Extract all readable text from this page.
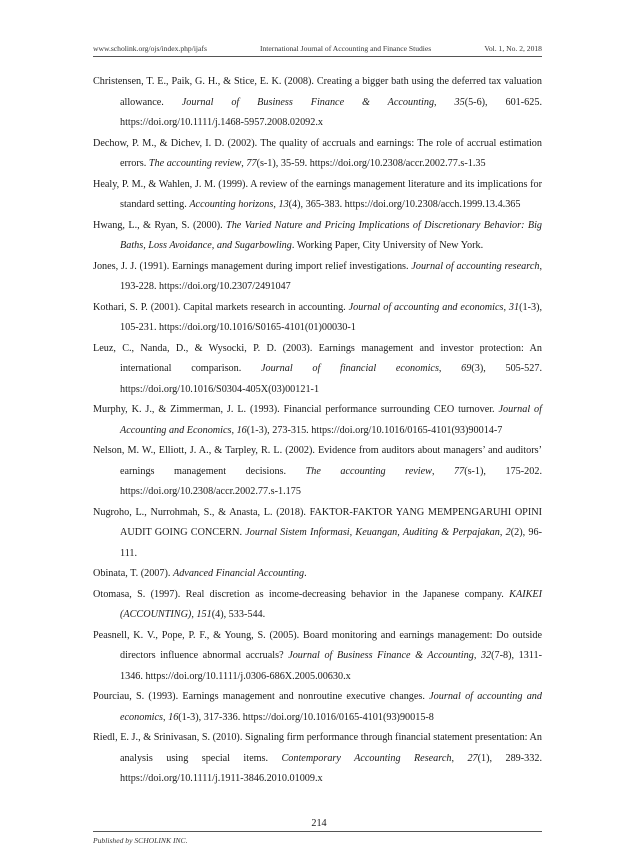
www.scholink.org/ojs/index.php/ijafs	International Journal of Accounting and Finance Studies	Vol. 1, No. 2, 2018

Christensen, T. E., Paik, G. H., & Stice, E. K. (2008). Creating a bigger bath using the deferred tax valuation allowance. Journal of Business Finance & Accounting, 35(5-6), 601-625. https://doi.org/10.1111/j.1468-5957.2008.02092.x

Dechow, P. M., & Dichev, I. D. (2002). The quality of accruals and earnings: The role of accrual estimation errors. The accounting review, 77(s-1), 35-59. https://doi.org/10.2308/accr.2002.77.s-1.35

Healy, P. M., & Wahlen, J. M. (1999). A review of the earnings management literature and its implications for standard setting. Accounting horizons, 13(4), 365-383. https://doi.org/10.2308/acch.1999.13.4.365

Hwang, L., & Ryan, S. (2000). The Varied Nature and Pricing Implications of Discretionary Behavior: Big Baths, Loss Avoidance, and Sugarbowling. Working Paper, City University of New York.

Jones, J. J. (1991). Earnings management during import relief investigations. Journal of accounting research, 193-228. https://doi.org/10.2307/2491047

Kothari, S. P. (2001). Capital markets research in accounting. Journal of accounting and economics, 31(1-3), 105-231. https://doi.org/10.1016/S0165-4101(01)00030-1

Leuz, C., Nanda, D., & Wysocki, P. D. (2003). Earnings management and investor protection: An international comparison. Journal of financial economics, 69(3), 505-527. https://doi.org/10.1016/S0304-405X(03)00121-1

Murphy, K. J., & Zimmerman, J. L. (1993). Financial performance surrounding CEO turnover. Journal of Accounting and Economics, 16(1-3), 273-315. https://doi.org/10.1016/0165-4101(93)90014-7

Nelson, M. W., Elliott, J. A., & Tarpley, R. L. (2002). Evidence from auditors about managers’ and auditors’ earnings management decisions. The accounting review, 77(s-1), 175-202. https://doi.org/10.2308/accr.2002.77.s-1.175

Nugroho, L., Nurrohmah, S., & Anasta, L. (2018). FAKTOR-FAKTOR YANG MEMPENGARUHI OPINI AUDIT GOING CONCERN. Journal Sistem Informasi, Keuangan, Auditing & Perpajakan, 2(2), 96-111.

Obinata, T. (2007). Advanced Financial Accounting.

Otomasa, S. (1997). Real discretion as income-decreasing behavior in the Japanese company. KAIKEI (ACCOUNTING), 151(4), 533-544.

Peasnell, K. V., Pope, P. F., & Young, S. (2005). Board monitoring and earnings management: Do outside directors influence abnormal accruals? Journal of Business Finance & Accounting, 32(7-8), 1311-1346. https://doi.org/10.1111/j.0306-686X.2005.00630.x

Pourciau, S. (1993). Earnings management and nonroutine executive changes. Journal of accounting and economics, 16(1-3), 317-336. https://doi.org/10.1016/0165-4101(93)90015-8

Riedl, E. J., & Srinivasan, S. (2010). Signaling firm performance through financial statement presentation: An analysis using special items. Contemporary Accounting Research, 27(1), 289-332. https://doi.org/10.1111/j.1911-3846.2010.01009.x

214
Published by SCHOLINK INC.
